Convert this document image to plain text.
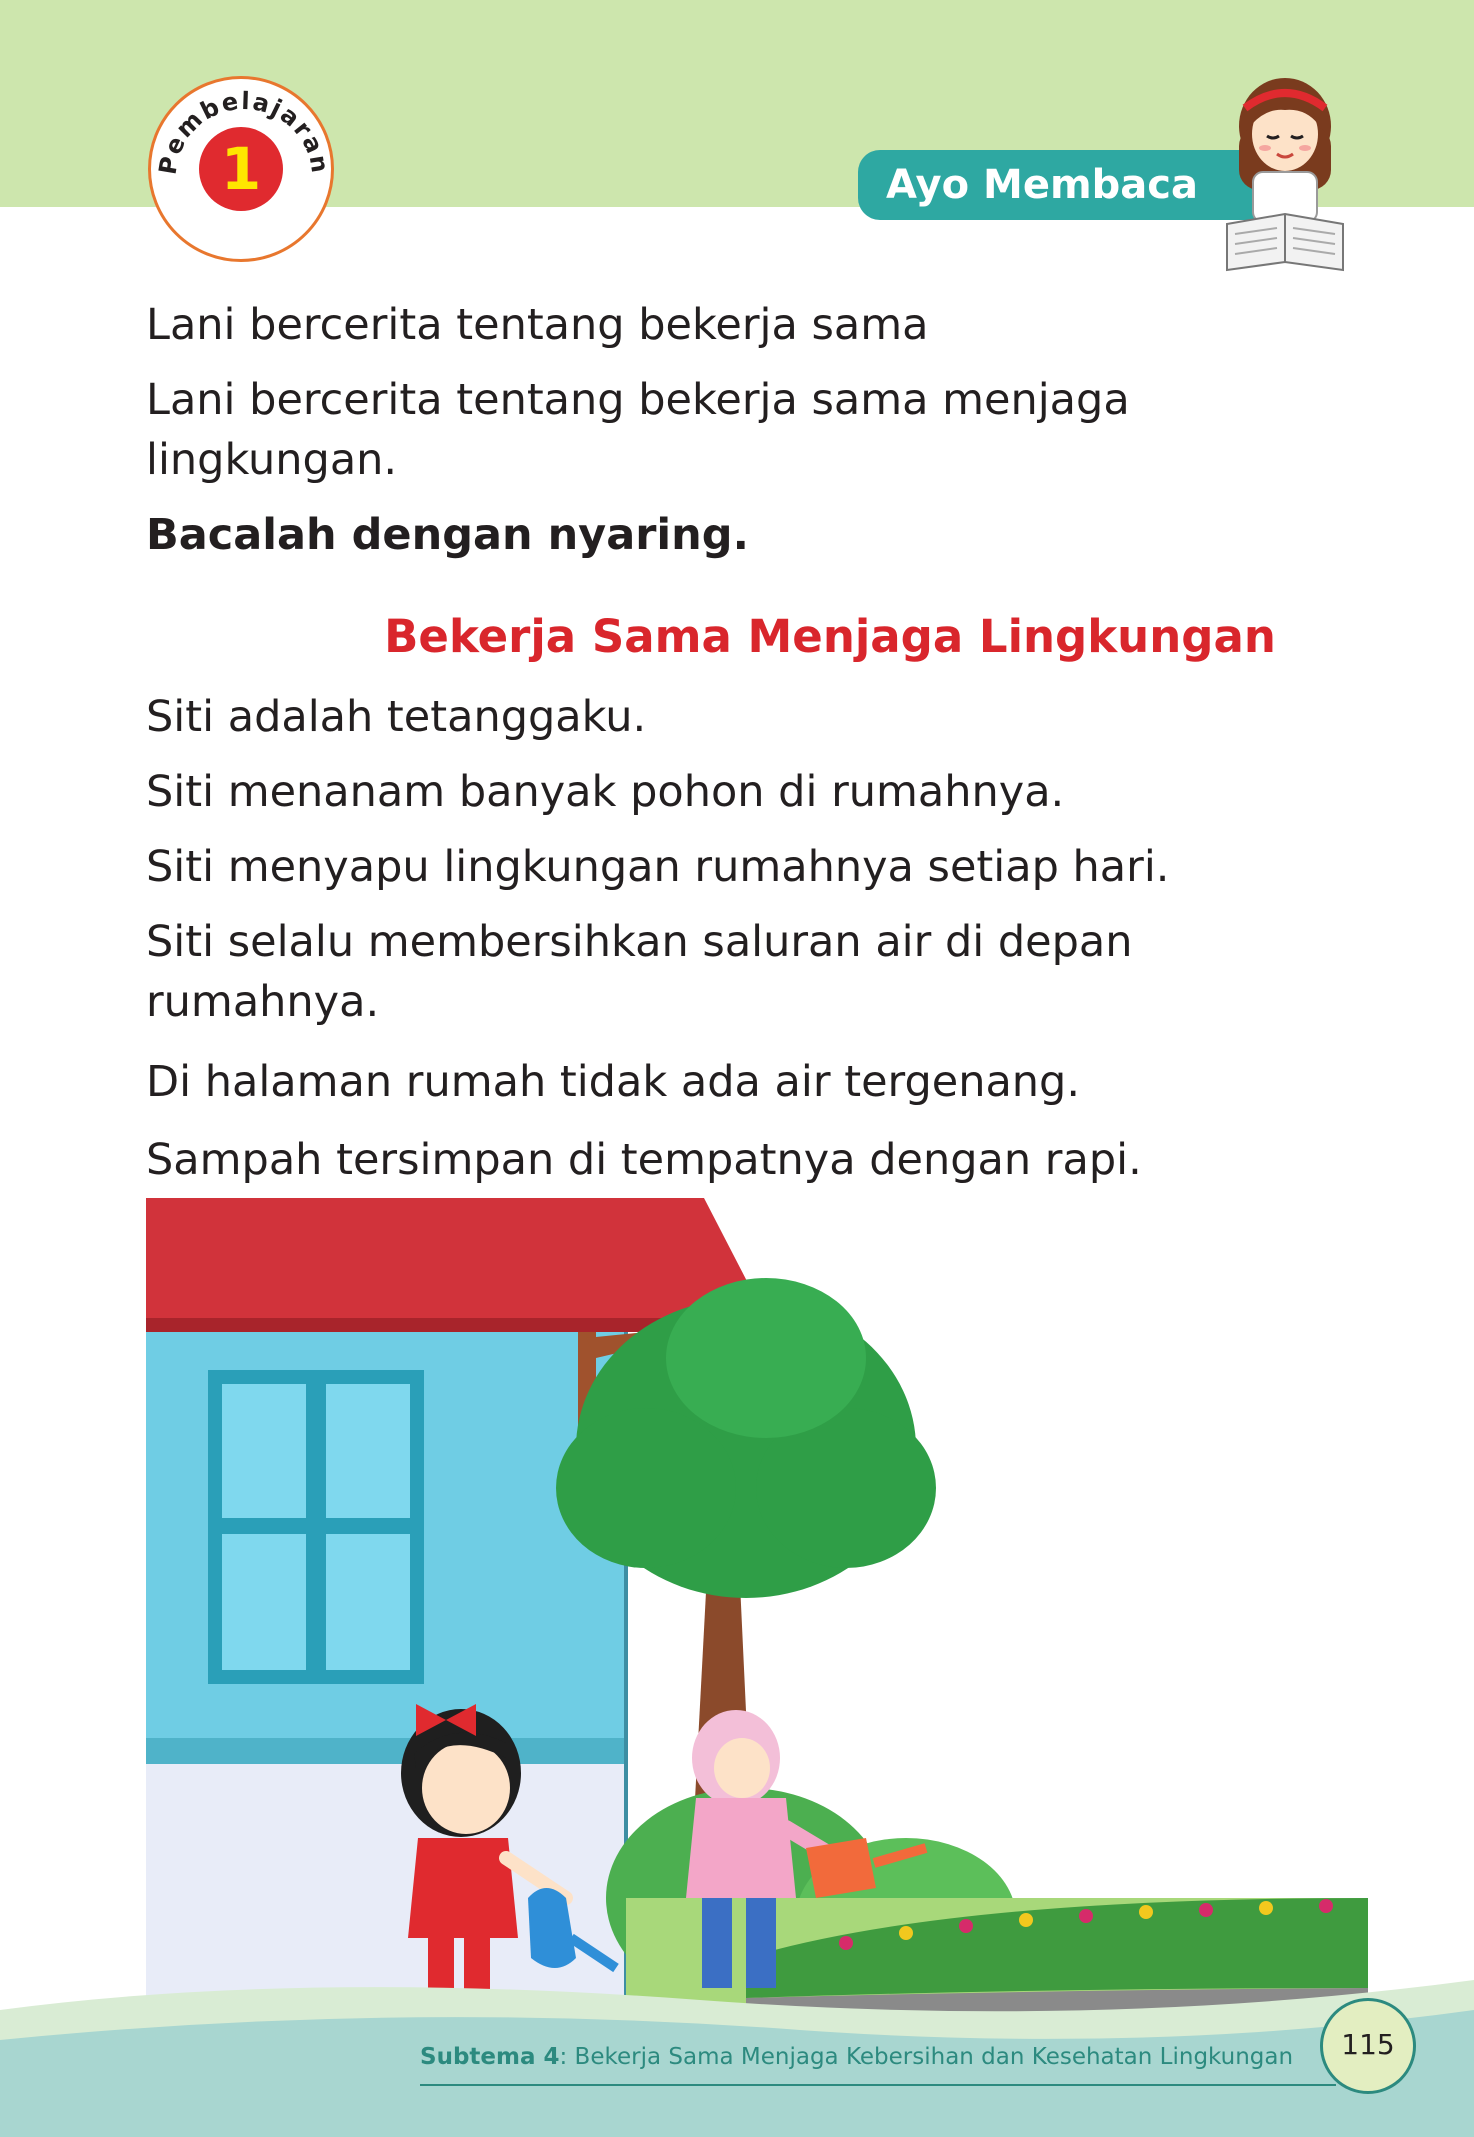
Pembelajaran
1	Ayo Membaca

Lani bercerita tentang bekerja sama

Lani bercerita tentang bekerja sama menjaga

lingkungan.

Bacalah dengan nyaring.

Bekerja Sama Menjaga Lingkungan

Siti adalah tetanggaku.

Siti menanam banyak pohon di rumahnya.

Siti menyapu lingkungan rumahnya setiap hari.

Siti selalu membersihkan saluran air di depan

rumahnya.

Di halaman rumah tidak ada air tergenang.

Sampah tersimpan di tempatnya dengan rapi.

Subtema 4: Bekerja Sama Menjaga Kebersihan dan Kesehatan Lingkungan	115
